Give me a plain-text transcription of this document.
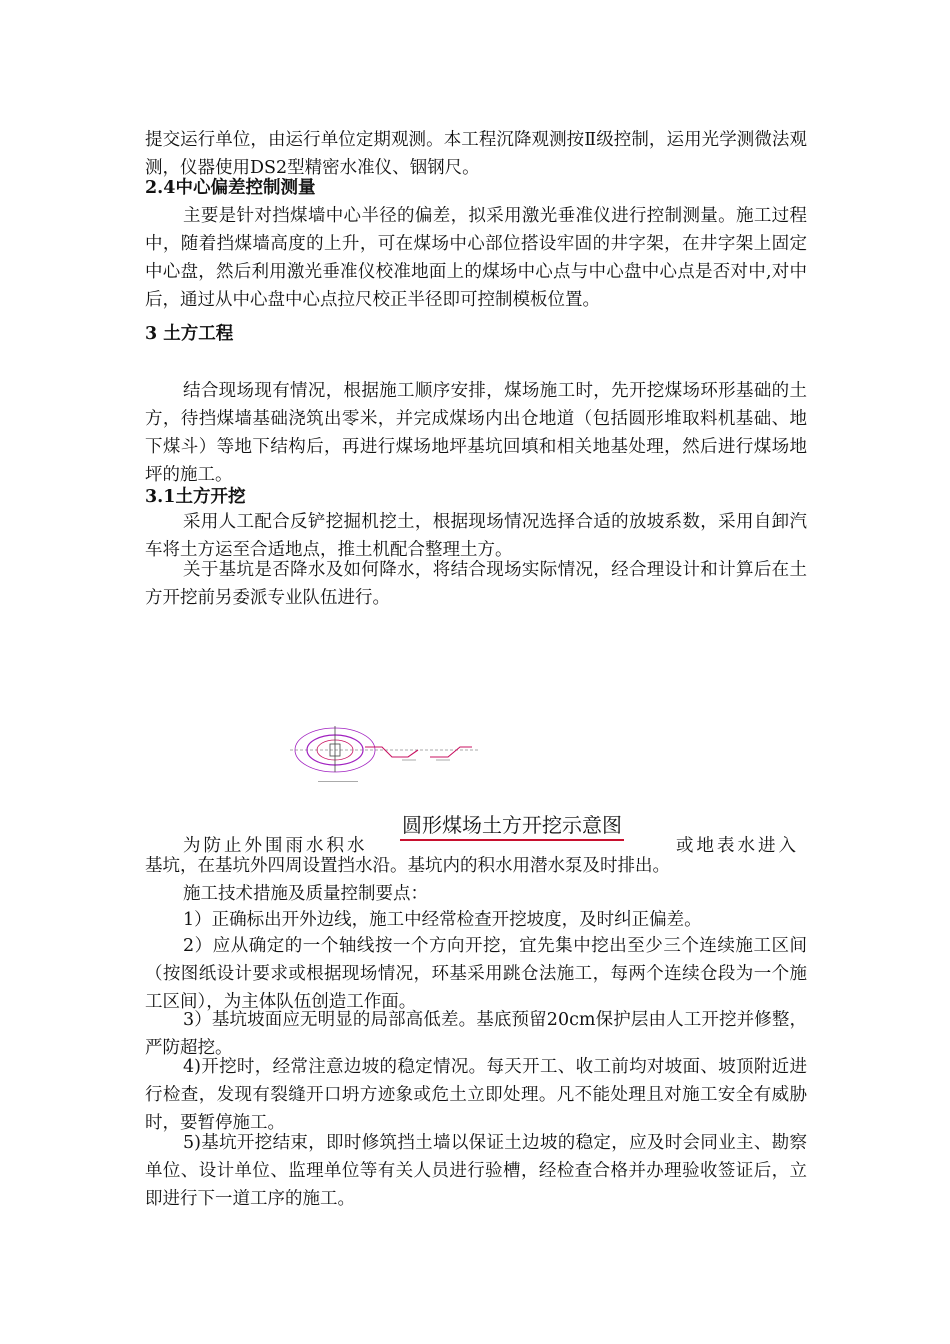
提交运行单位，由运行单位定期观测。本工程沉降观测按Ⅱ级控制，运用光学测微法观测，仪器使用DS2型精密水准仪、铟钢尺。

2.4中心偏差控制测量

主要是针对挡煤墙中心半径的偏差，拟采用激光垂准仪进行控制测量。施工过程中，随着挡煤墙高度的上升，可在煤场中心部位搭设牢固的井字架，在井字架上固定中心盘，然后利用激光垂准仪校准地面上的煤场中心点与中心盘中心点是否对中,对中后，通过从中心盘中心点拉尺校正半径即可控制模板位置。

3 土方工程

结合现场现有情况，根据施工顺序安排，煤场施工时，先开挖煤场环形基础的土方，待挡煤墙基础浇筑出零米，并完成煤场内出仓地道（包括圆形堆取料机基础、地下煤斗）等地下结构后，再进行煤场地坪基坑回填和相关地基处理，然后进行煤场地坪的施工。

3.1土方开挖

采用人工配合反铲挖掘机挖土，根据现场情况选择合适的放坡系数，采用自卸汽车将土方运至合适地点，推土机配合整理土方。

关于基坑是否降水及如何降水，将结合现场实际情况，经合理设计和计算后在土方开挖前另委派专业队伍进行。

圆形煤场土方开挖示意图
为防止外围雨水积水	或地表水进入

基坑，在基坑外四周设置挡水沿。基坑内的积水用潜水泵及时排出。

施工技术措施及质量控制要点：

1）正确标出开外边线，施工中经常检查开挖坡度，及时纠正偏差。

2）应从确定的一个轴线按一个方向开挖，宜先集中挖出至少三个连续施工区间（按图纸设计要求或根据现场情况，环基采用跳仓法施工，每两个连续仓段为一个施工区间），为主体队伍创造工作面。

3）基坑坡面应无明显的局部高低差。基底预留20cm保护层由人工开挖并修整，严防超挖。

4)开挖时，经常注意边坡的稳定情况。每天开工、收工前均对坡面、坡顶附近进行检查，发现有裂缝开口坍方迹象或危土立即处理。凡不能处理且对施工安全有威胁时，要暂停施工。

5)基坑开挖结束，即时修筑挡土墙以保证土边坡的稳定，应及时会同业主、勘察单位、设计单位、监理单位等有关人员进行验槽，经检查合格并办理验收签证后，立即进行下一道工序的施工。
